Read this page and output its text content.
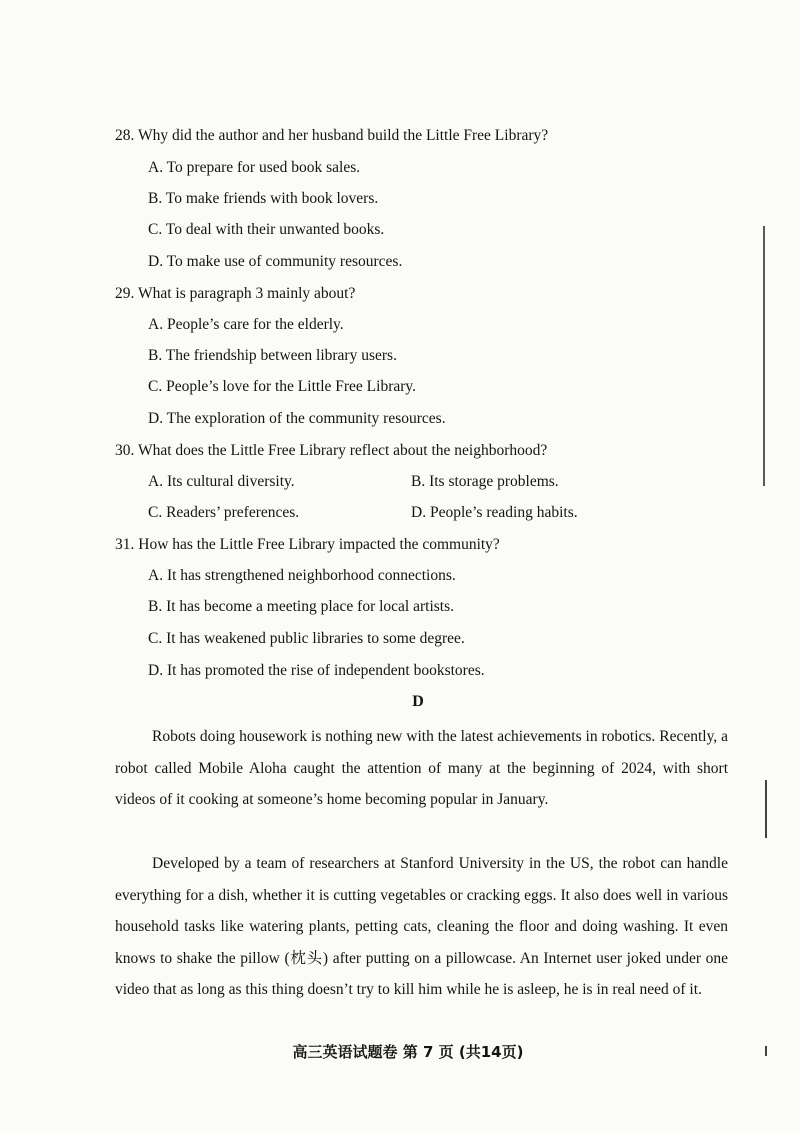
28. Why did the author and her husband build the Little Free Library?
A. To prepare for used book sales.
B. To make friends with book lovers.
C. To deal with their unwanted books.
D. To make use of community resources.
29. What is paragraph 3 mainly about?
A. People’s care for the elderly.
B. The friendship between library users.
C. People’s love for the Little Free Library.
D. The exploration of the community resources.
30. What does the Little Free Library reflect about the neighborhood?
A. Its cultural diversity.	B. Its storage problems.
C. Readers’ preferences.	D. People’s reading habits.
31. How has the Little Free Library impacted the community?
A. It has strengthened neighborhood connections.
B. It has become a meeting place for local artists.
C. It has weakened public libraries to some degree.
D. It has promoted the rise of independent bookstores.
D
Robots doing housework is nothing new with the latest achievements in robotics. Recently, a robot called Mobile Aloha caught the attention of many at the beginning of 2024, with short videos of it cooking at someone’s home becoming popular in January.
Developed by a team of researchers at Stanford University in the US, the robot can handle everything for a dish, whether it is cutting vegetables or cracking eggs. It also does well in various household tasks like watering plants, petting cats, cleaning the floor and doing washing. It even knows to shake the pillow (枕头) after putting on a pillowcase. An Internet user joked under one video that as long as this thing doesn’t try to kill him while he is asleep, he is in real need of it.
高三英语试题卷 第 7 页 (共14页)
